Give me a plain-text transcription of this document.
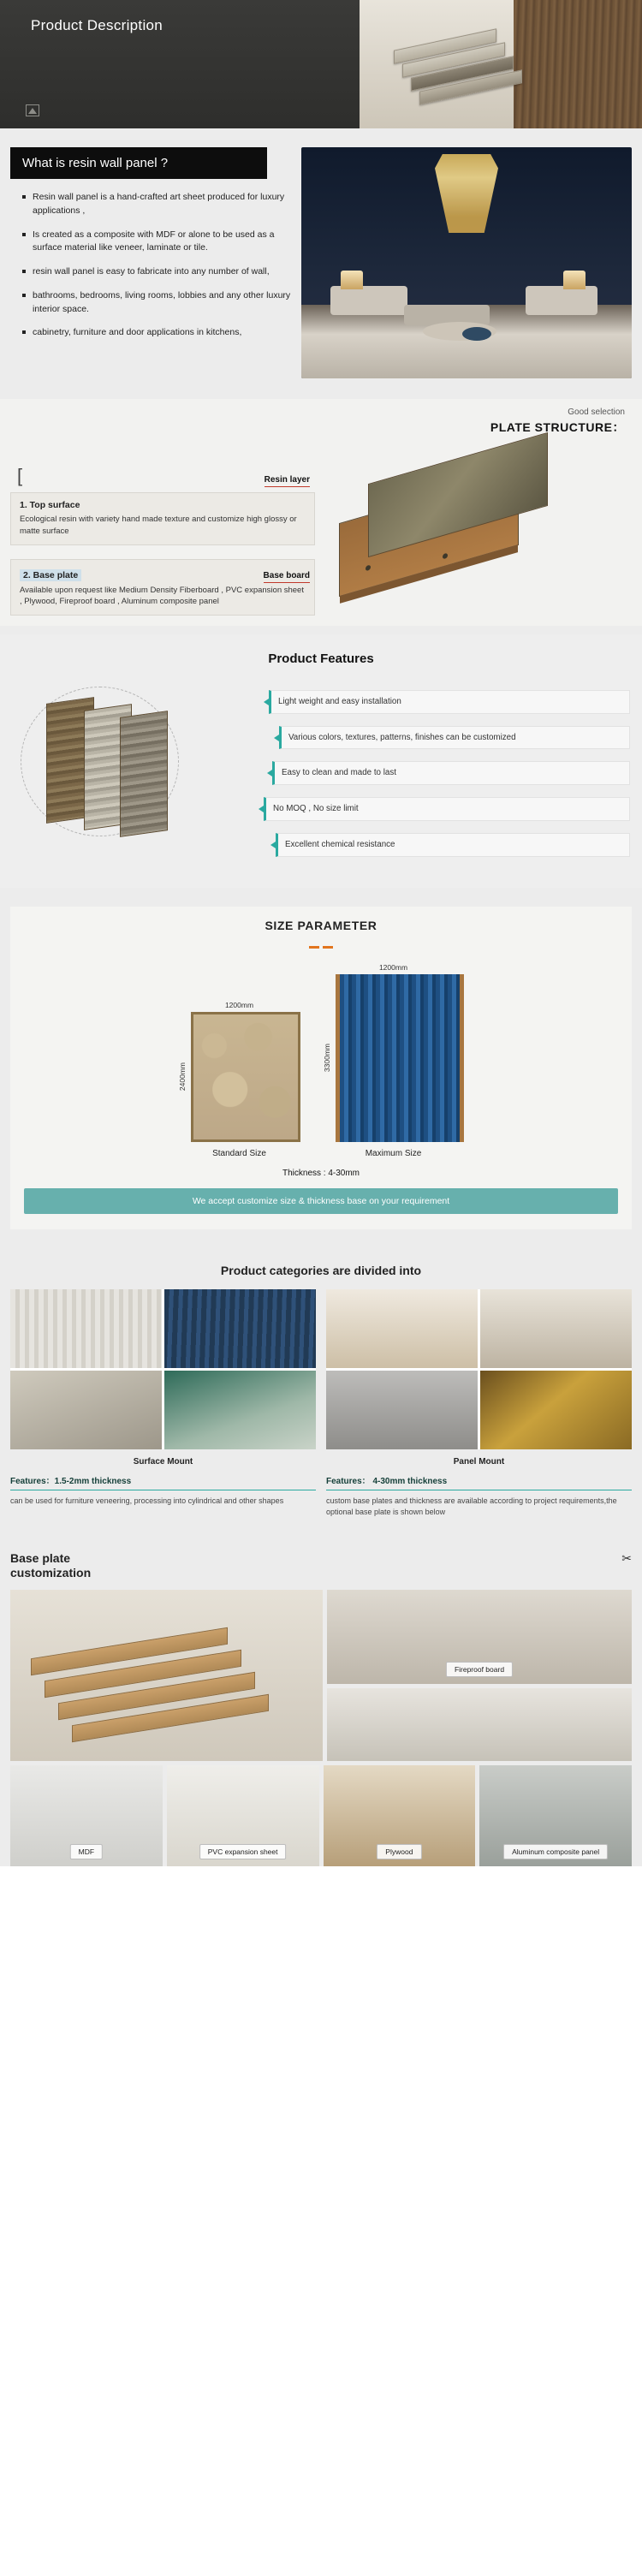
Product Description
What is resin wall panel ?
Resin wall panel is a hand-crafted art sheet produced for luxury applications ,
Is created as a composite with MDF or alone to be used as a surface material like veneer, laminate or tile.
resin wall panel is easy to fabricate into any number of wall,
bathrooms, bedrooms, living rooms, lobbies and any other luxury interior space.
cabinetry, furniture and door applications in kitchens,
Good selection
PLATE STRUCTURE：
[	Resin layer
1. Top surface
Ecological resin with variety hand made texture and customize high glossy or matte surface
Base board
2. Base plate
Available upon request like Medium Density Fiberboard , PVC expansion sheet , Plywood, Fireproof board , Aluminum composite panel
Product Features
Light weight and easy installation
Various colors, textures, patterns, finishes can be customized
Easy to clean and made to last
No MOQ , No size limit
Excellent chemical resistance
SIZE PARAMETER
1200mm
2400mm
Standard Size
1200mm
3300mm
Maximum Size
Thickness : 4-30mm
We accept customize size & thickness base on your requirement
Product categories are divided into
Surface Mount
Features：1.5-2mm thickness
can be used for furniture veneering, processing into cylindrical and other shapes
Panel Mount
Features： 4-30mm thickness
custom base plates and thickness are available according to project requirements,the optional base plate is shown below
✂
Base plate
customization
Fireproof board
MDF	PVC expansion sheet	Plywood	Aluminum composite panel
